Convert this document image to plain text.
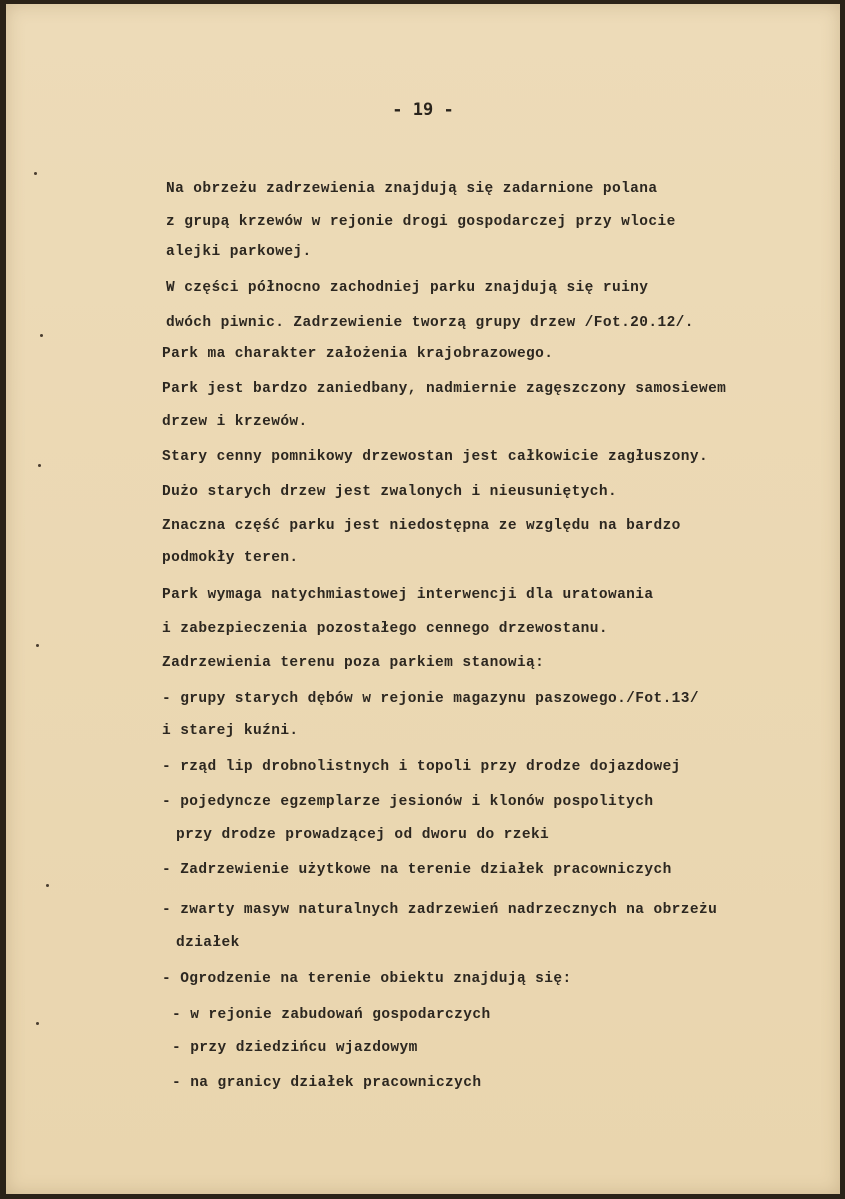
- 19 -

Na obrzeżu zadrzewienia znajdują się zadarnione polana

z grupą krzewów w rejonie drogi gospodarczej przy wlocie

alejki parkowej.

W części północno zachodniej parku znajdują się ruiny

dwóch piwnic. Zadrzewienie tworzą grupy drzew /Fot.20.12/.

Park ma charakter założenia krajobrazowego.

Park jest bardzo zaniedbany, nadmiernie zagęszczony samosiewem

drzew i krzewów.

Stary cenny pomnikowy drzewostan jest całkowicie zagłuszony.

Dużo starych drzew jest zwalonych i nieusuniętych.

Znaczna część parku jest niedostępna ze względu na bardzo

podmokły teren.

Park wymaga natychmiastowej interwencji dla uratowania

i zabezpieczenia pozostałego cennego drzewostanu.

Zadrzewienia terenu poza parkiem stanowią:

- grupy starych dębów w rejonie magazynu paszowego./Fot.13/

i starej kuźni.

- rząd lip drobnolistnych i topoli przy drodze dojazdowej

- pojedyncze egzemplarze jesionów i klonów pospolitych

przy drodze prowadzącej od dworu do rzeki

- Zadrzewienie użytkowe na terenie działek pracowniczych

- zwarty masyw naturalnych zadrzewień nadrzecznych na obrzeżu

działek

- Ogrodzenie na terenie obiektu znajdują się:

- w rejonie zabudowań gospodarczych

- przy dziedzińcu wjazdowym

- na granicy działek pracowniczych
